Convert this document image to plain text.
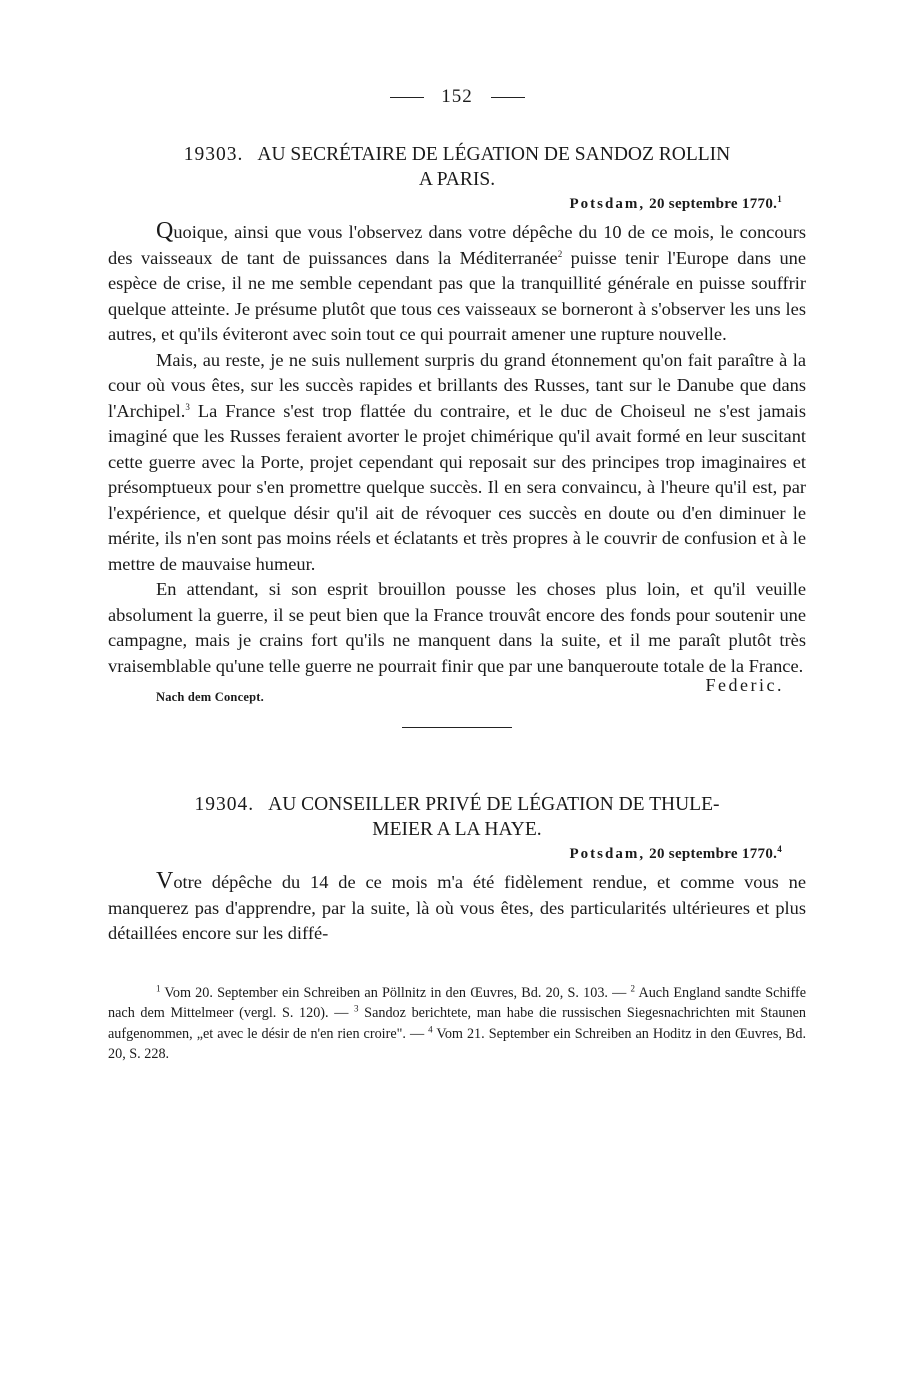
152
19303. AU SECRÉTAIRE DE LÉGATION DE SANDOZ ROLLIN
A PARIS.
Potsdam, 20 septembre 1770.$^1$

Quoique, ainsi que vous l'observez dans votre dépêche du 10 de ce mois, le concours des vaisseaux de tant de puissances dans la Méditerranée$^2$ puisse tenir l'Europe dans une espèce de crise, il ne me semble cependant pas que la tranquillité générale en puisse souffrir quelque atteinte. Je présume plutôt que tous ces vaisseaux se borneront à s'observer les uns les autres, et qu'ils éviteront avec soin tout ce qui pourrait amener une rupture nouvelle.

Mais, au reste, je ne suis nullement surpris du grand étonnement qu'on fait paraître à la cour où vous êtes, sur les succès rapides et brillants des Russes, tant sur le Danube que dans l'Archipel.$^3$ La France s'est trop flattée du contraire, et le duc de Choiseul ne s'est jamais imaginé que les Russes feraient avorter le projet chimérique qu'il avait formé en leur suscitant cette guerre avec la Porte, projet cependant qui reposait sur des principes trop imaginaires et présomptueux pour s'en promettre quelque succès. Il en sera convaincu, à l'heure qu'il est, par l'expérience, et quelque désir qu'il ait de révoquer ces succès en doute ou d'en diminuer le mérite, ils n'en sont pas moins réels et éclatants et très propres à le couvrir de confusion et à le mettre de mauvaise humeur.

En attendant, si son esprit brouillon pousse les choses plus loin, et qu'il veuille absolument la guerre, il se peut bien que la France trouvât encore des fonds pour soutenir une campagne, mais je crains fort qu'ils ne manquent dans la suite, et il me paraît plutôt très vraisemblable qu'une telle guerre ne pourrait finir que par une banqueroute totale de la France.

Federic.
Nach dem Concept.
19304. AU CONSEILLER PRIVÉ DE LÉGATION DE THULE-
MEIER A LA HAYE.
Potsdam, 20 septembre 1770.$^4$

Votre dépêche du 14 de ce mois m'a été fidèlement rendue, et comme vous ne manquerez pas d'apprendre, par la suite, là où vous êtes, des particularités ultérieures et plus détaillées encore sur les diffé-

$^1$ Vom 20. September ein Schreiben an Pöllnitz in den Œuvres, Bd. 20, S. 103. — $^2$ Auch England sandte Schiffe nach dem Mittelmeer (vergl. S. 120). — $^3$ Sandoz berichtete, man habe die russischen Siegesnachrichten mit Staunen aufgenommen, „et avec le désir de n'en rien croire". — $^4$ Vom 21. September ein Schreiben an Hoditz in den Œuvres, Bd. 20, S. 228.
